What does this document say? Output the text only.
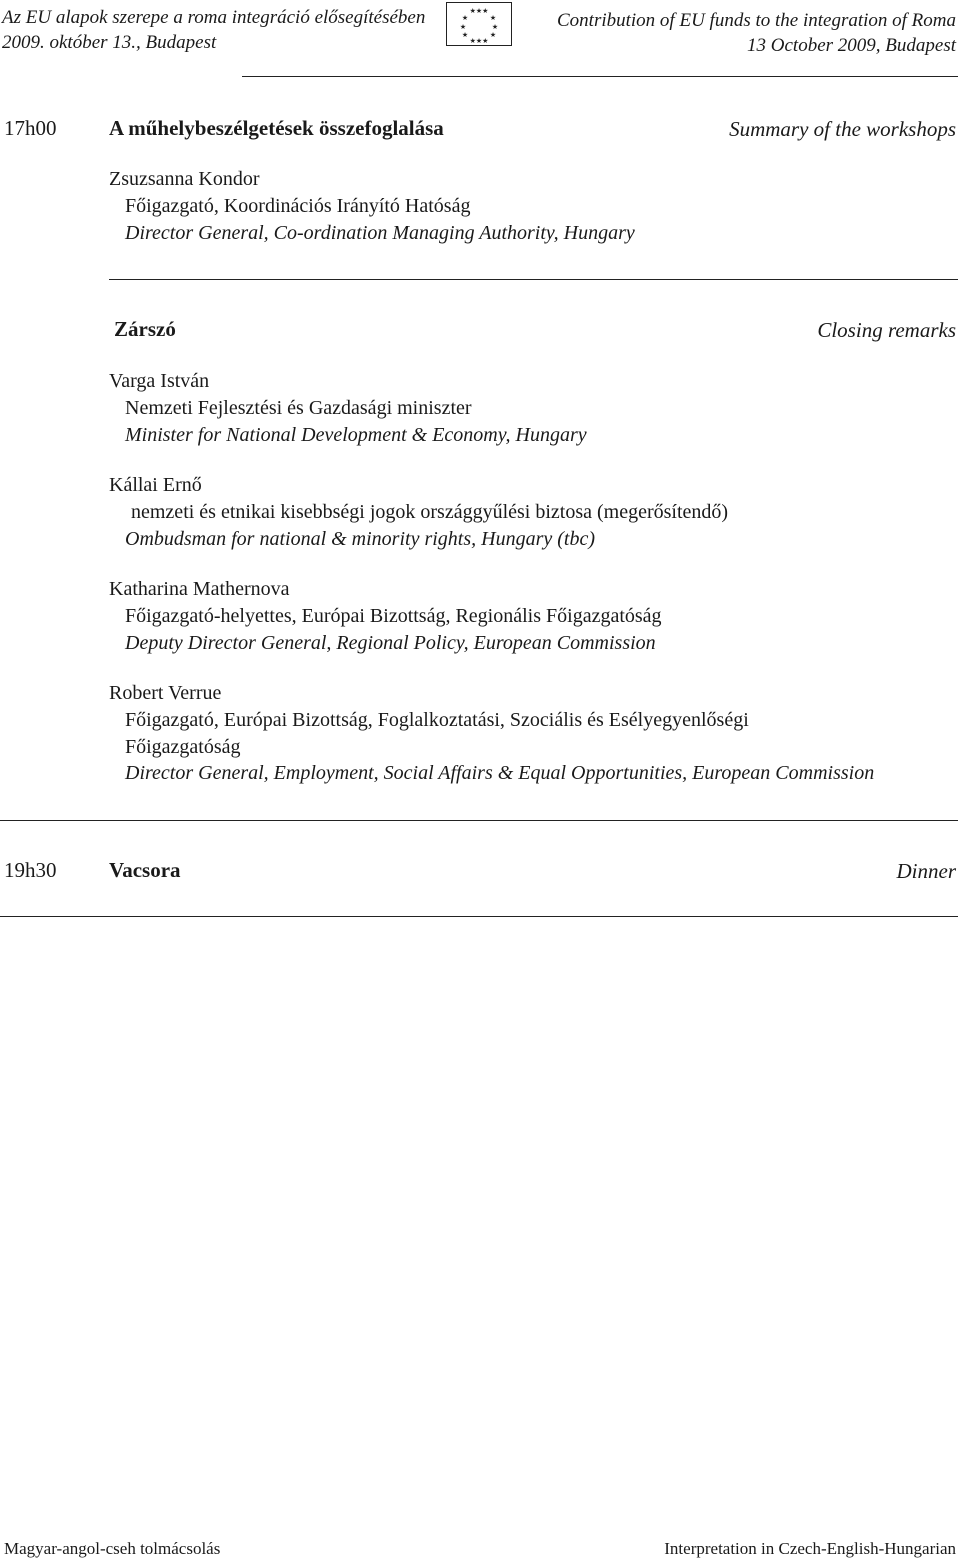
Az EU alapok szerepe a roma integráció elősegítésében
2009. október 13., Budapest
★★★
★	★
★	★
★	★
★★★
Contribution of EU funds to the integration of Roma
13 October 2009, Budapest
17h00	A műhelybeszélgetések összefoglalása	Summary of the workshops
Zsuzsanna Kondor
Főigazgató, Koordinációs Irányító Hatóság
Director General, Co-ordination Managing Authority, Hungary
Zárszó	Closing remarks
Varga István
Nemzeti Fejlesztési és Gazdasági miniszter
Minister for National Development & Economy, Hungary
Kállai Ernő
nemzeti és etnikai kisebbségi jogok országgyűlési biztosa (megerősítendő)
Ombudsman for national & minority rights, Hungary (tbc)
Katharina Mathernova
Főigazgató-helyettes, Európai Bizottság, Regionális Főigazgatóság
Deputy Director General, Regional Policy, European Commission
Robert Verrue
Főigazgató, Európai Bizottság, Foglalkoztatási, Szociális és Esélyegyenlőségi
Főigazgatóság
Director General, Employment, Social Affairs & Equal Opportunities, European Commission
19h30	Vacsora	Dinner
Magyar-angol-cseh tolmácsolás	Interpretation in Czech-English-Hungarian
